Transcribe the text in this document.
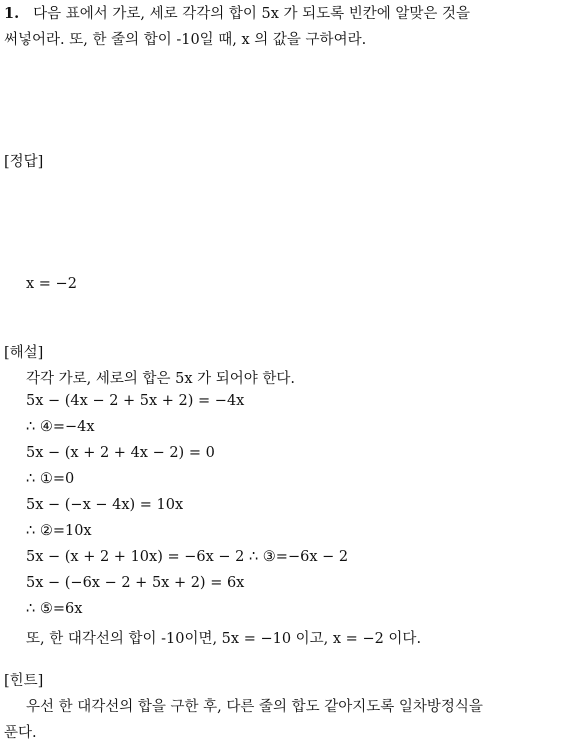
1. 다음 표에서 가로, 세로 각각의 합이 5x 가 되도록 빈칸에 알맞은 것을
써넣어라. 또, 한 줄의 합이 -10일 때, x 의 값을 구하여라.
[정답]
x = −2
[해설]
각각 가로, 세로의 합은 5x 가 되어야 한다.
5x − (4x − 2 + 5x + 2) = −4x
∴ ④=−4x
5x − (x + 2 + 4x − 2) = 0
∴ ①=0
5x − (−x − 4x) = 10x
∴ ②=10x
5x − (x + 2 + 10x) = −6x − 2 ∴ ③=−6x − 2
5x − (−6x − 2 + 5x + 2) = 6x
∴ ⑤=6x
또, 한 대각선의 합이 -10이면, 5x = −10 이고, x = −2 이다.
[힌트]
우선 한 대각선의 합을 구한 후, 다른 줄의 합도 같아지도록 일차방정식을
푼다.
